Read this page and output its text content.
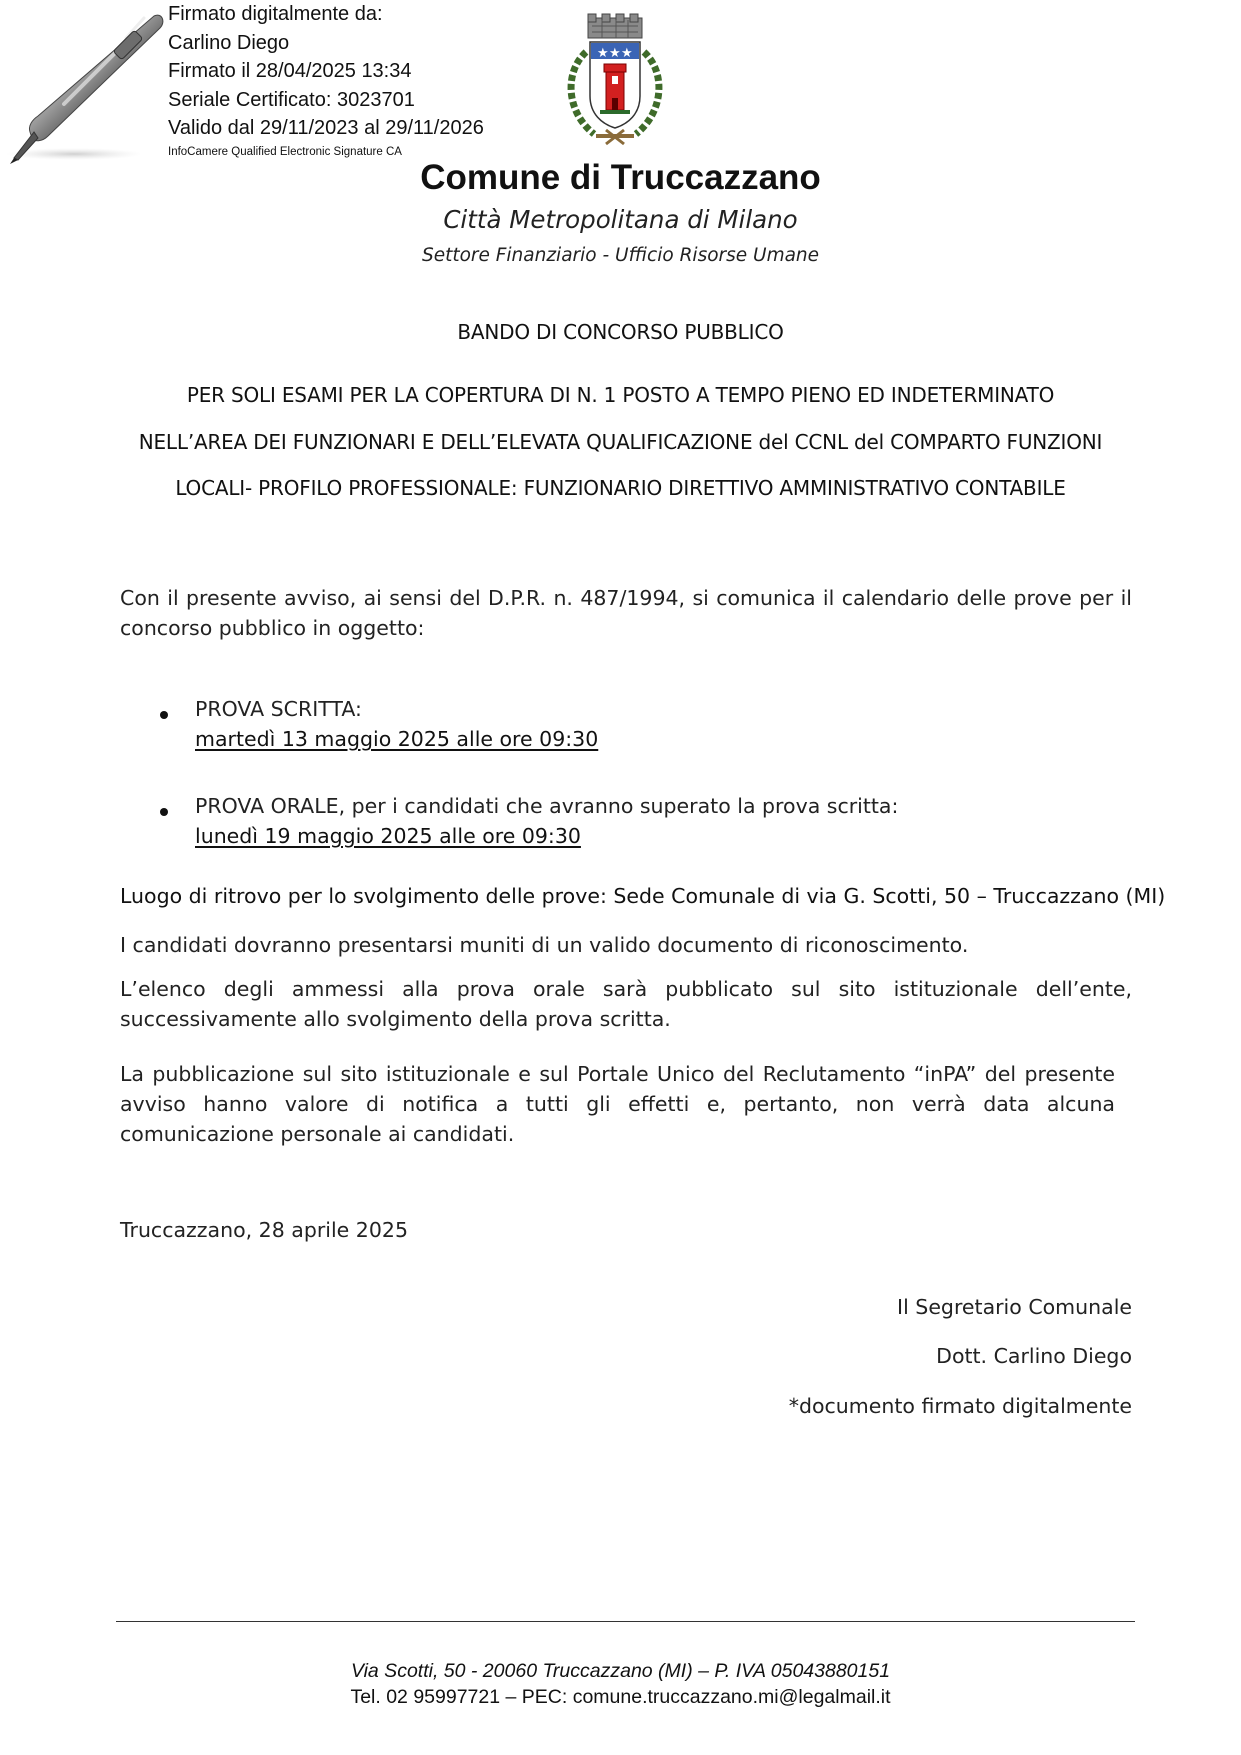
Firmato digitalmente da:
Carlino Diego
Firmato il 28/04/2025 13:34
Seriale Certificato: 3023701
Valido dal 29/11/2023 al 29/11/2026
InfoCamere Qualified Electronic Signature CA
★ ★ ★
Comune di Truccazzano
Città Metropolitana di Milano
Settore Finanziario - Ufficio Risorse Umane
BANDO DI CONCORSO PUBBLICO
PER SOLI ESAMI PER LA COPERTURA DI N. 1 POSTO A TEMPO PIENO ED INDETERMINATO
NELL’AREA DEI FUNZIONARI E DELL’ELEVATA QUALIFICAZIONE del CCNL del COMPARTO FUNZIONI
LOCALI- PROFILO PROFESSIONALE: FUNZIONARIO DIRETTIVO AMMINISTRATIVO CONTABILE
Con il presente avviso, ai sensi del D.P.R. n. 487/1994, si comunica il calendario delle prove per il concorso pubblico in oggetto:
PROVA SCRITTA:
martedì 13 maggio 2025 alle ore 09:30
PROVA ORALE, per i candidati che avranno superato la prova scritta:
lunedì 19 maggio 2025 alle ore 09:30
Luogo di ritrovo per lo svolgimento delle prove: Sede Comunale di via G. Scotti, 50 – Truccazzano (MI)
I candidati dovranno presentarsi muniti di un valido documento di riconoscimento.
L’elenco degli ammessi alla prova orale sarà pubblicato sul sito istituzionale dell’ente, successivamente allo svolgimento della prova scritta.
La pubblicazione sul sito istituzionale e sul Portale Unico del Reclutamento “inPA” del presente avviso hanno valore di notifica a tutti gli effetti e, pertanto, non verrà data alcuna comunicazione personale ai candidati.
Truccazzano, 28 aprile 2025
Il Segretario Comunale
Dott. Carlino Diego
*documento firmato digitalmente
Via Scotti, 50 - 20060 Truccazzano (MI) – P. IVA 05043880151
Tel. 02 95997721 – PEC: comune.truccazzano.mi@legalmail.it
